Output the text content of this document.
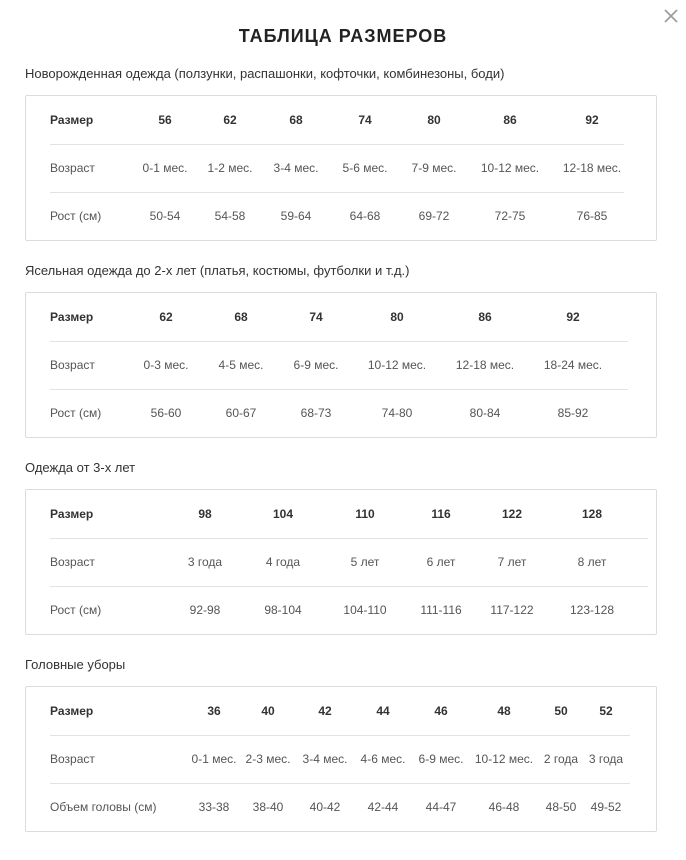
ТАБЛИЦА РАЗМЕРОВ
Новорожденная одежда (ползунки, распашонки, кофточки, комбинезоны, боди)
Размер	56	62	68	74	80	86	92
Возраст	0-1 мес.	1-2 мес.	3-4 мес.	5-6 мес.	7-9 мес.	10-12 мес.	12-18 мес.
Рост (см)	50-54	54-58	59-64	64-68	69-72	72-75	76-85
Ясельная одежда до 2-х лет (платья, костюмы, футболки и т.д.)
Размер	62	68	74	80	86	92
Возраст	0-3 мес.	4-5 мес.	6-9 мес.	10-12 мес.	12-18 мес.	18-24 мес.
Рост (см)	56-60	60-67	68-73	74-80	80-84	85-92
Одежда от 3-х лет
Размер	98	104	110	116	122	128
Возраст	3 года	4 года	5 лет	6 лет	7 лет	8 лет
Рост (см)	92-98	98-104	104-110	111-116	117-122	123-128
Головные уборы
Размер	36	40	42	44	46	48	50	52
Возраст	0-1 мес.	2-3 мес.	3-4 мес.	4-6 мес.	6-9 мес.	10-12 мес.	2 года	3 года
Объем головы (см)	33-38	38-40	40-42	42-44	44-47	46-48	48-50	49-52
